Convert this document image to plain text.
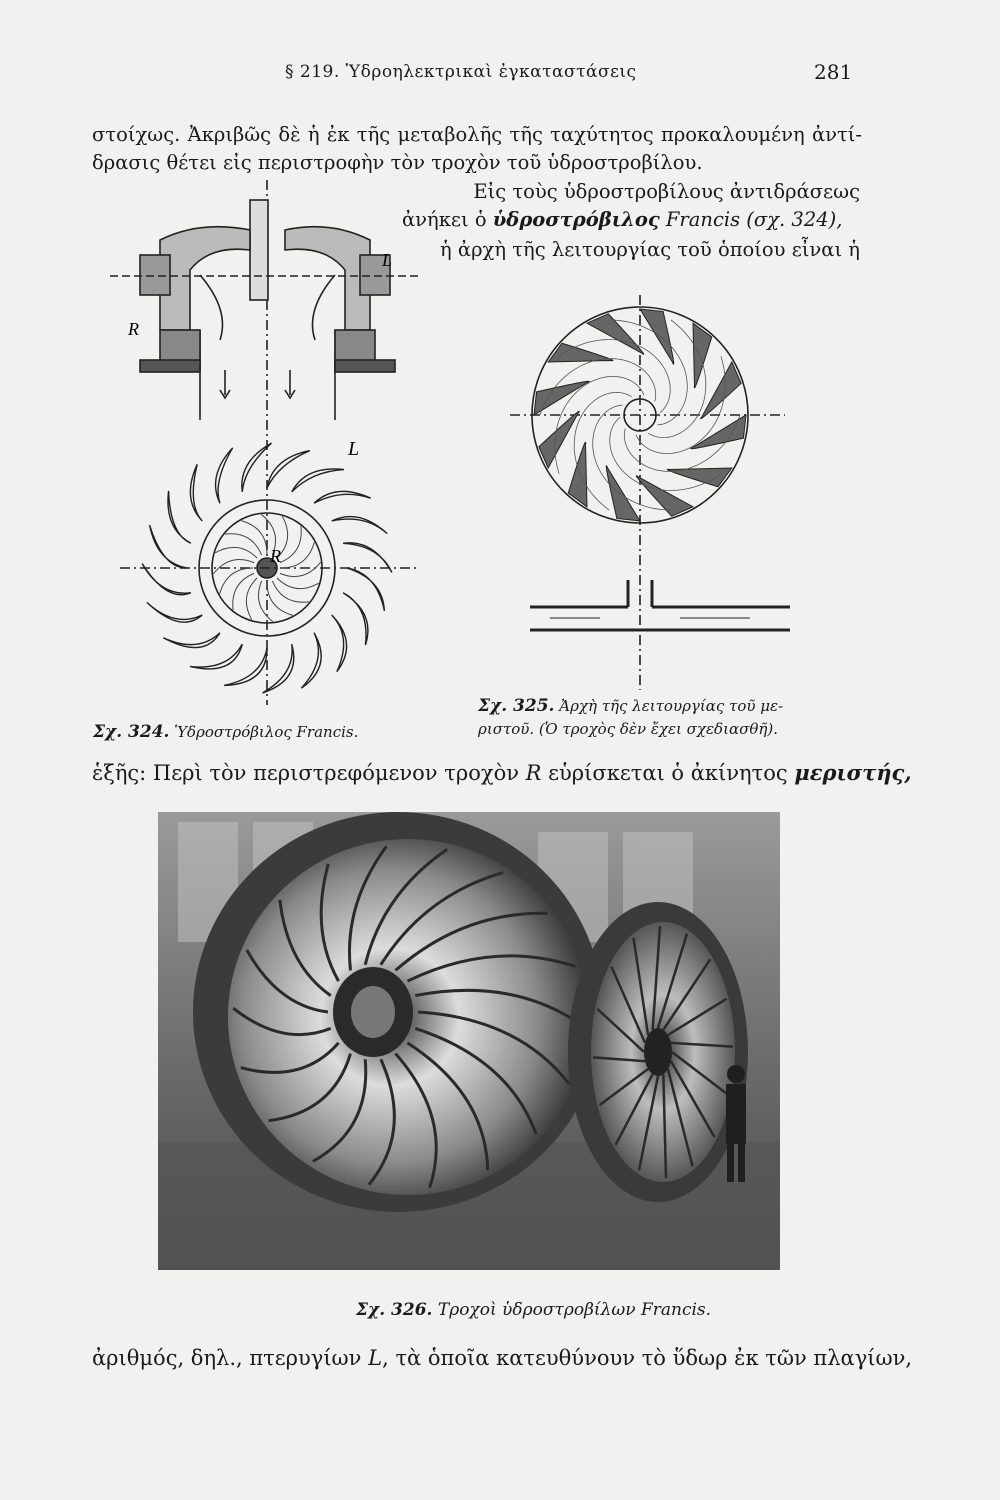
§ 219. Ὑδροηλεκτρικαὶ ἐγκαταστάσεις	281
στοίχως. Ἀκριβῶς δὲ ἡ ἐκ τῆς μεταβολῆς τῆς ταχύτητος προκαλουμένη ἀντί-
δρασις θέτει εἰς περιστροφὴν τὸν τροχὸν τοῦ ὑδροστροβίλου.
Εἰς τοὺς ὑδροστροβίλους ἀντιδράσεως
ἀνήκει ὁ ὑδροστρόβιλος Francis (σχ. 324),
ἡ ἀρχὴ τῆς λειτουργίας τοῦ ὁποίου εἶναι ἡ
R
L
L
R
Σχ. 324. Ὑδροστρόβιλος Francis.
Σχ. 325. Ἀρχὴ τῆς λειτουργίας τοῦ με-
ριστοῦ. (Ὁ τροχὸς δὲν ἔχει σχεδιασθῆ).
ἑξῆς: Περὶ τὸν περιστρεφόμενον τροχὸν R εὑρίσκεται ὁ ἀκίνητος μεριστής,
Σχ. 326. Τροχοὶ ὑδροστροβίλων Francis.
ἀριθμός, δηλ., πτερυγίων L, τὰ ὁποῖα κατευθύνουν τὸ ὕδωρ ἐκ τῶν πλαγίων,
